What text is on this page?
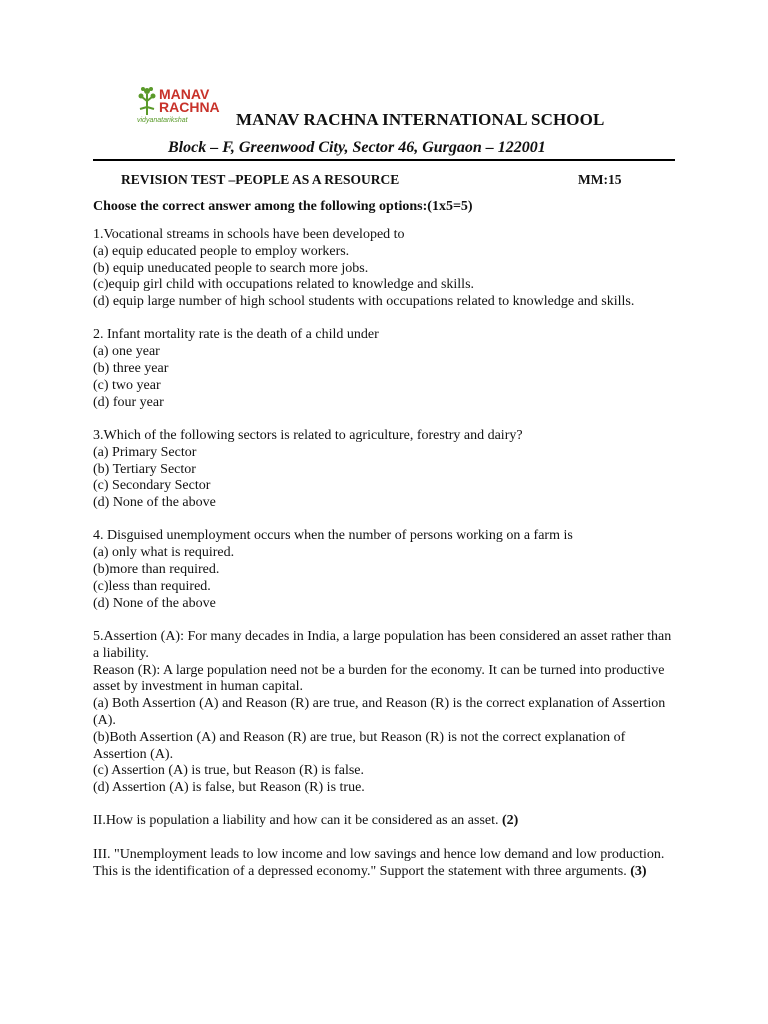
MANAV
RACHNA
vidyanatarikshat	MANAV RACHNA INTERNATIONAL SCHOOL
Block – F, Greenwood City, Sector 46, Gurgaon – 122001
REVISION TEST –PEOPLE AS A RESOURCE	MM:15
Choose the correct answer among the following options:(1x5=5)
1.Vocational streams in schools have been developed to
(a) equip educated people to employ workers.
(b) equip uneducated people to search more jobs.
(c)equip girl child with occupations related to knowledge and skills.
(d) equip large number of high school students with occupations related to knowledge and skills.
2. Infant mortality rate is the death of a child under
(a) one year
(b) three year
(c) two year
(d) four year
3.Which of the following sectors is related to agriculture, forestry and dairy?
(a) Primary Sector
(b) Tertiary Sector
(c) Secondary Sector
(d) None of the above
4. Disguised unemployment occurs when the number of persons working on a farm is
(a) only what is required.
(b)more than required.
(c)less than required.
(d) None of the above
5.Assertion (A): For many decades in India, a large population has been considered an asset rather than a liability.
Reason (R): A large population need not be a burden for the economy. It can be turned into productive asset by investment in human capital.
(a) Both Assertion (A) and Reason (R) are true, and Reason (R) is the correct explanation of Assertion (A).
(b)Both Assertion (A) and Reason (R) are true, but Reason (R) is not the correct explanation of Assertion (A).
(c) Assertion (A) is true, but Reason (R) is false.
(d) Assertion (A) is false, but Reason (R) is true.
II.How is population a liability and how can it be considered as an asset. (2)
III. "Unemployment leads to low income and low savings and hence low demand and low production. This is the identification of a depressed economy." Support the statement with three arguments. (3)
